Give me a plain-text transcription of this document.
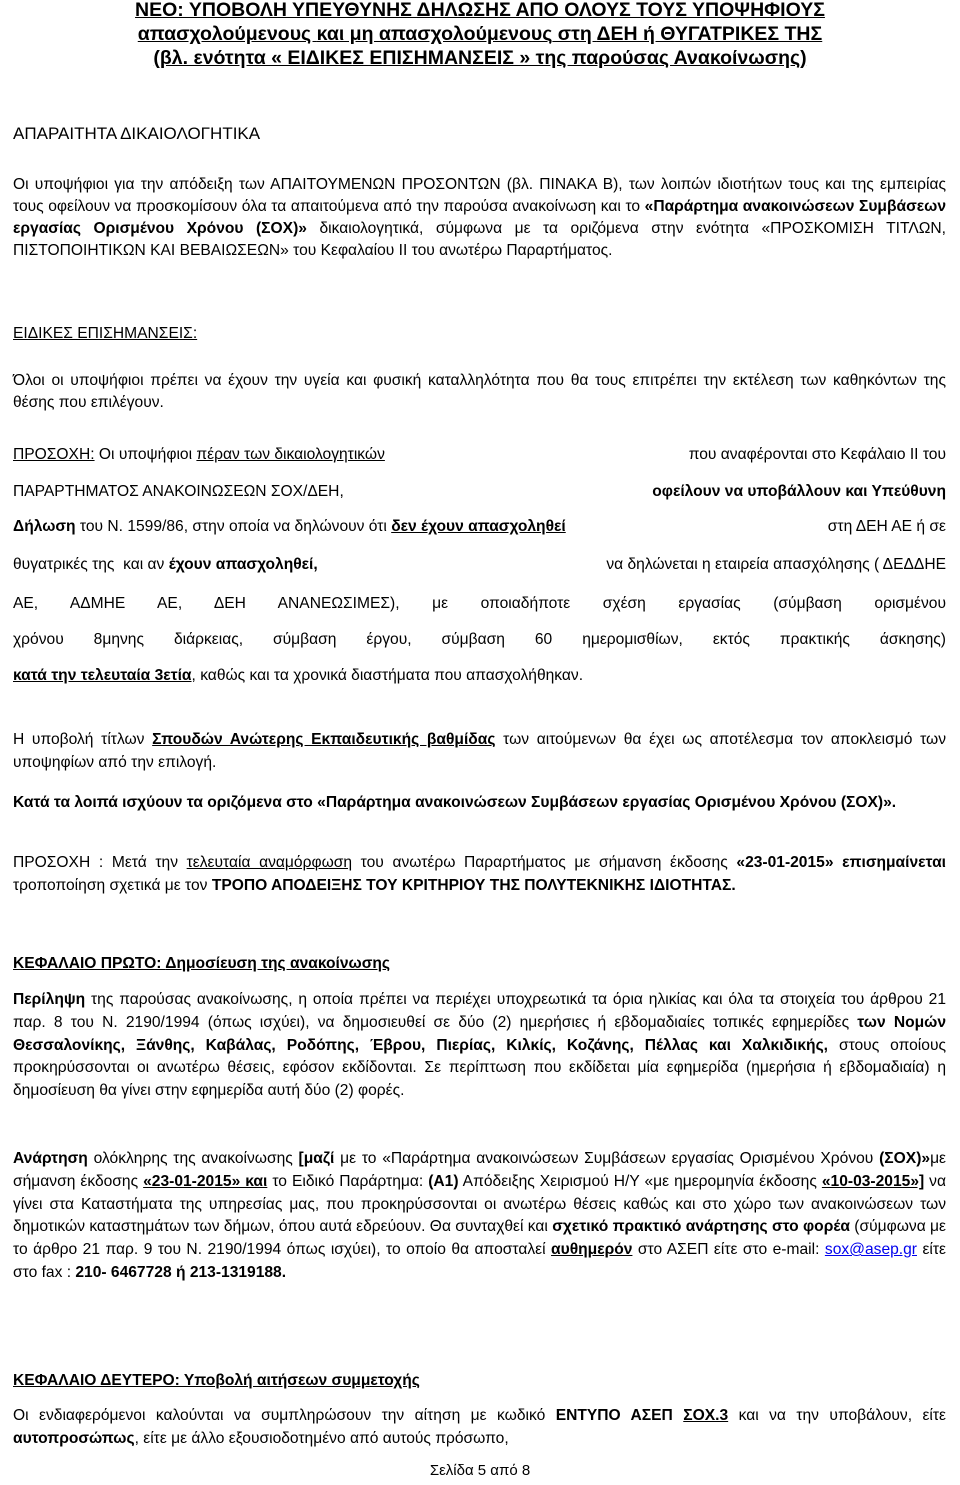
ΝΕΟ: ΥΠΟΒΟΛΗ ΥΠΕΥΘΥΝΗΣ ΔΗΛΩΣΗΣ ΑΠΟ ΟΛΟΥΣ ΤΟΥΣ ΥΠΟΨΗΦΙΟΥΣ
απασχολούμενους και μη απασχολούμενους στη ΔΕΗ ή ΘΥΓΑΤΡΙΚΕΣ ΤΗΣ
(βλ. ενότητα « ΕΙΔΙΚΕΣ ΕΠΙΣΗΜΑΝΣΕΙΣ » της παρούσας Ανακοίνωσης)
ΑΠΑΡΑΙΤΗΤΑ ΔΙΚΑΙΟΛΟΓΗΤΙΚΑ
Οι υποψήφιοι για την απόδειξη των ΑΠΑΙΤΟΥΜΕΝΩΝ ΠΡΟΣΟΝΤΩΝ (βλ. ΠΙΝΑΚΑ Β), των λοιπών ιδιοτήτων τους και της εμπειρίας τους οφείλουν να προσκομίσουν όλα τα απαιτούμενα από την παρούσα ανακοίνωση και το «Παράρτημα ανακοινώσεων Συμβάσεων εργασίας Ορισμένου Χρόνου (ΣΟΧ)» δικαιολογητικά, σύμφωνα με τα οριζόμενα στην ενότητα «ΠΡΟΣΚΟΜΙΣΗ ΤΙΤΛΩΝ, ΠΙΣΤΟΠΟΙΗΤΙΚΩΝ ΚΑΙ ΒΕΒΑΙΩΣΕΩΝ» του Κεφαλαίου ΙΙ του ανωτέρω Παραρτήματος.
ΕΙΔΙΚΕΣ ΕΠΙΣΗΜΑΝΣΕΙΣ:
Όλοι οι υποψήφιοι πρέπει να έχουν την υγεία και φυσική καταλληλότητα που θα τους επιτρέπει την εκτέλεση των καθηκόντων της θέσης που επιλέγουν.
ΠΡΟΣΟΧΗ: Οι υποψήφιοι πέραν των δικαιολογητικών	που αναφέρονται στο Κεφάλαιο ΙΙ του
ΠΑΡΑΡΤΗΜΑΤΟΣ ΑΝΑΚΟΙΝΩΣΕΩΝ ΣΟΧ/ΔΕΗ,	οφείλουν να υποβάλλουν και Υπεύθυνη
Δήλωση του Ν. 1599/86, στην οποία να δηλώνουν ότι δεν έχουν απασχοληθεί	στη ΔΕΗ ΑΕ ή σε
θυγατρικές της  και αν έχουν απασχοληθεί,	να δηλώνεται η εταιρεία απασχόλησης ( ΔΕΔΔΗΕ
ΑΕ, ΑΔΜΗΕ ΑΕ, ΔΕΗ ΑΝΑΝΕΩΣΙΜΕΣ), με οποιαδήποτε σχέση εργασίας (σύμβαση ορισμένου
χρόνου 8μηνης διάρκειας, σύμβαση έργου, σύμβαση 60 ημερομισθίων, εκτός πρακτικής άσκησης)
κατά την τελευταία 3ετία, καθώς και τα χρονικά διαστήματα που απασχολήθηκαν.
Η υποβολή τίτλων Σπουδών Ανώτερης Εκπαιδευτικής βαθμίδας των αιτούμενων θα έχει ως αποτέλεσμα τον αποκλεισμό των υποψηφίων από την επιλογή.
Κατά τα λοιπά ισχύουν τα οριζόμενα στο «Παράρτημα ανακοινώσεων Συμβάσεων εργασίας Ορισμένου Χρόνου (ΣΟΧ)».
ΠΡΟΣΟΧΗ : Μετά την τελευταία αναμόρφωση του ανωτέρω Παραρτήματος με σήμανση έκδοσης «23-01-2015» επισημαίνεται τροποποίηση σχετικά με τον ΤΡΟΠΟ ΑΠΟΔΕΙΞΗΣ ΤΟΥ ΚΡΙΤΗΡΙΟΥ ΤΗΣ ΠΟΛΥΤΕΚΝΙΚΗΣ ΙΔΙΟΤΗΤΑΣ.
ΚΕΦΑΛΑΙΟ ΠΡΩΤΟ: Δημοσίευση της ανακοίνωσης
Περίληψη της παρούσας ανακοίνωσης, η οποία πρέπει να περιέχει υποχρεωτικά τα όρια ηλικίας και όλα τα στοιχεία του άρθρου 21 παρ. 8 του Ν. 2190/1994 (όπως ισχύει), να δημοσιευθεί σε δύο (2) ημερήσιες ή εβδομαδιαίες τοπικές εφημερίδες των Νομών Θεσσαλονίκης, Ξάνθης, Καβάλας, Ροδόπης, Έβρου, Πιερίας, Κιλκίς, Κοζάνης, Πέλλας και Χαλκιδικής, στους οποίους προκηρύσσονται οι ανωτέρω θέσεις, εφόσον εκδίδονται. Σε περίπτωση που εκδίδεται μία εφημερίδα (ημερήσια ή εβδομαδιαία) η δημοσίευση θα γίνει στην εφημερίδα αυτή δύο (2) φορές.
Ανάρτηση ολόκληρης της ανακοίνωσης [μαζί με το «Παράρτημα ανακοινώσεων Συμβάσεων εργασίας Ορισμένου Χρόνου (ΣΟΧ)»με σήμανση έκδοσης «23-01-2015» και το Ειδικό Παράρτημα: (Α1) Απόδειξης Χειρισμού Η/Υ «με ημερομηνία έκδοσης «10-03-2015»] να γίνει στα Καταστήματα της υπηρεσίας μας, που προκηρύσσονται οι ανωτέρω θέσεις καθώς και στο χώρο των ανακοινώσεων των δημοτικών καταστημάτων των δήμων, όπου αυτά εδρεύουν. Θα συνταχθεί και σχετικό πρακτικό ανάρτησης στο φορέα (σύμφωνα με το άρθρο 21 παρ. 9 του Ν. 2190/1994 όπως ισχύει), το οποίο θα αποσταλεί αυθημερόν στο ΑΣΕΠ είτε στο e-mail: sox@asep.gr είτε στο fax : 210- 6467728 ή 213-1319188.
ΚΕΦΑΛΑΙΟ ΔΕΥΤΕΡΟ: Υποβολή αιτήσεων συμμετοχής
Οι ενδιαφερόμενοι καλούνται να συμπληρώσουν την αίτηση με κωδικό ΕΝΤΥΠΟ ΑΣΕΠ ΣΟΧ.3 και να την υποβάλουν, είτε αυτοπροσώπως, είτε με άλλο εξουσιοδοτημένο από αυτούς πρόσωπο,
Σελίδα 5 από 8
